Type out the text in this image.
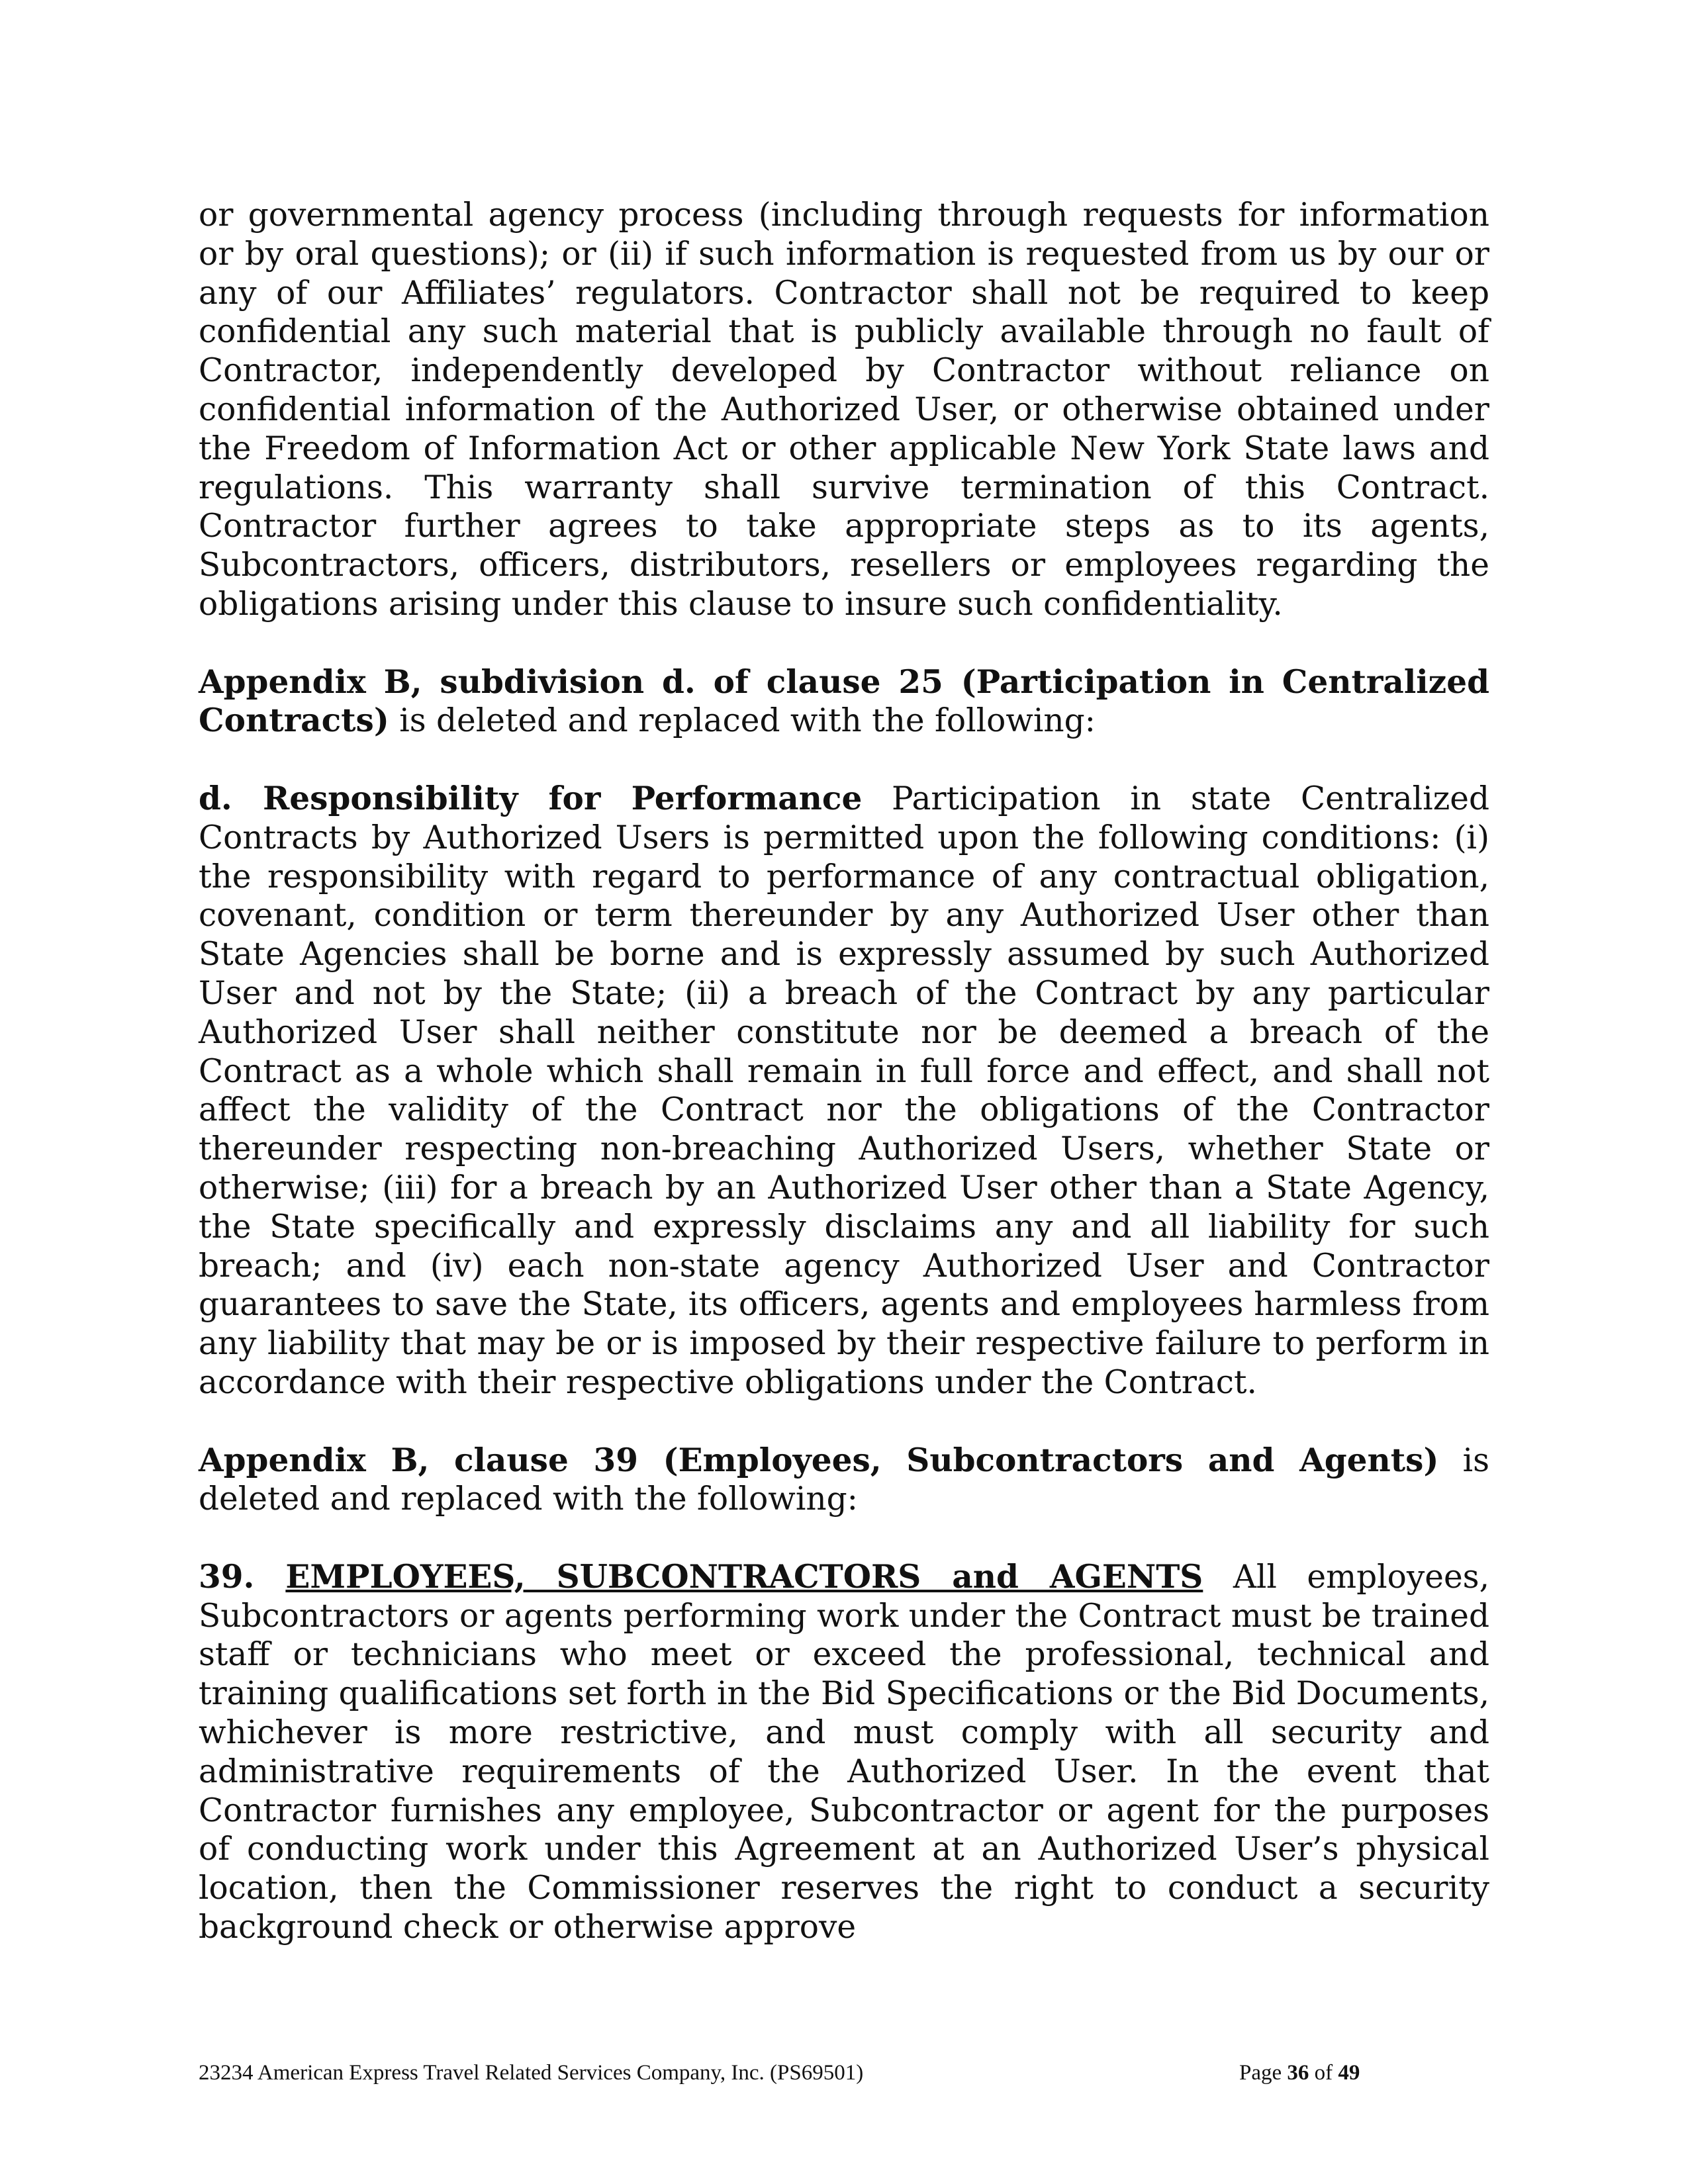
or governmental agency process (including through requests for information or by oral questions); or (ii) if such information is requested from us by our or any of our Affiliates’ regulators. Contractor shall not be required to keep confidential any such material that is publicly available through no fault of Contractor, independently developed by Contractor without reliance on confidential information of the Authorized User, or otherwise obtained under the Freedom of Information Act or other applicable New York State laws and regulations. This warranty shall survive termination of this Contract. Contractor further agrees to take appropriate steps as to its agents, Subcontractors, officers, distributors, resellers or employees regarding the obligations arising under this clause to insure such confidentiality.

Appendix B, subdivision d. of clause 25 (Participation in Centralized Contracts) is deleted and replaced with the following:

d. Responsibility for Performance Participation in state Centralized Contracts by Authorized Users is permitted upon the following conditions: (i) the responsibility with regard to performance of any contractual obligation, covenant, condition or term thereunder by any Authorized User other than State Agencies shall be borne and is expressly assumed by such Authorized User and not by the State; (ii) a breach of the Contract by any particular Authorized User shall neither constitute nor be deemed a breach of the Contract as a whole which shall remain in full force and effect, and shall not affect the validity of the Contract nor the obligations of the Contractor thereunder respecting non-breaching Authorized Users, whether State or otherwise; (iii) for a breach by an Authorized User other than a State Agency, the State specifically and expressly disclaims any and all liability for such breach; and (iv) each non-state agency Authorized User and Contractor guarantees to save the State, its officers, agents and employees harmless from any liability that may be or is imposed by their respective failure to perform in accordance with their respective obligations under the Contract.

Appendix B, clause 39 (Employees, Subcontractors and Agents) is deleted and replaced with the following:

39. EMPLOYEES, SUBCONTRACTORS and AGENTS All employees, Subcontractors or agents performing work under the Contract must be trained staff or technicians who meet or exceed the professional, technical and training qualifications set forth in the Bid Specifications or the Bid Documents, whichever is more restrictive, and must comply with all security and administrative requirements of the Authorized User. In the event that Contractor furnishes any employee, Subcontractor or agent for the purposes of conducting work under this Agreement at an Authorized User’s physical location, then the Commissioner reserves the right to conduct a security background check or otherwise approve

23234 American Express Travel Related Services Company, Inc. (PS69501)	Page 36 of 49
